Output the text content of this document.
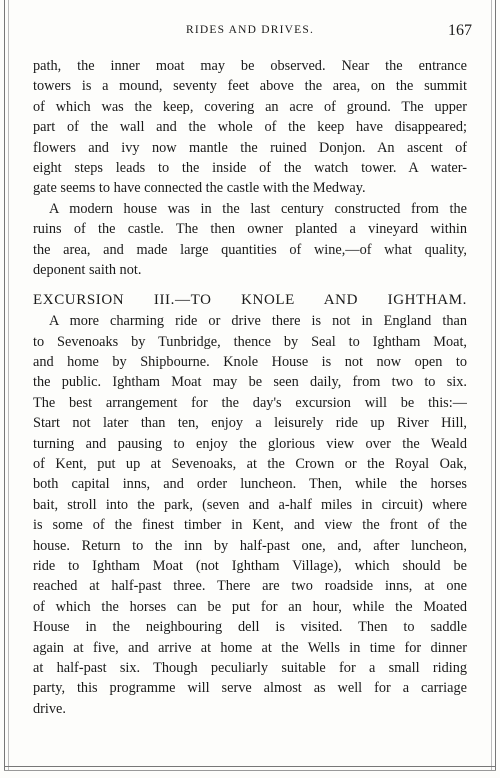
RIDES AND DRIVES.	167
path, the inner moat may be observed. Near the entrance
towers is a mound, seventy feet above the area, on the summit
of which was the keep, covering an acre of ground. The upper
part of the wall and the whole of the keep have disappeared;
flowers and ivy now mantle the ruined Donjon. An ascent of
eight steps leads to the inside of the watch tower. A water-
gate seems to have connected the castle with the Medway.
A modern house was in the last century constructed from the
ruins of the castle. The then owner planted a vineyard within
the area, and made large quantities of wine,—of what quality,
deponent saith not.
EXCURSION III.—TO KNOLE AND IGHTHAM.
A more charming ride or drive there is not in England than
to Sevenoaks by Tunbridge, thence by Seal to Ightham Moat,
and home by Shipbourne. Knole House is not now open to
the public. Ightham Moat may be seen daily, from two to six.
The best arrangement for the day's excursion will be this:—
Start not later than ten, enjoy a leisurely ride up River Hill,
turning and pausing to enjoy the glorious view over the Weald
of Kent, put up at Sevenoaks, at the Crown or the Royal Oak,
both capital inns, and order luncheon. Then, while the horses
bait, stroll into the park, (seven and a-half miles in circuit) where
is some of the finest timber in Kent, and view the front of the
house. Return to the inn by half-past one, and, after luncheon,
ride to Ightham Moat (not Ightham Village), which should be
reached at half-past three. There are two roadside inns, at one
of which the horses can be put for an hour, while the Moated
House in the neighbouring dell is visited. Then to saddle
again at five, and arrive at home at the Wells in time for dinner
at half-past six. Though peculiarly suitable for a small riding
party, this programme will serve almost as well for a carriage
drive.
